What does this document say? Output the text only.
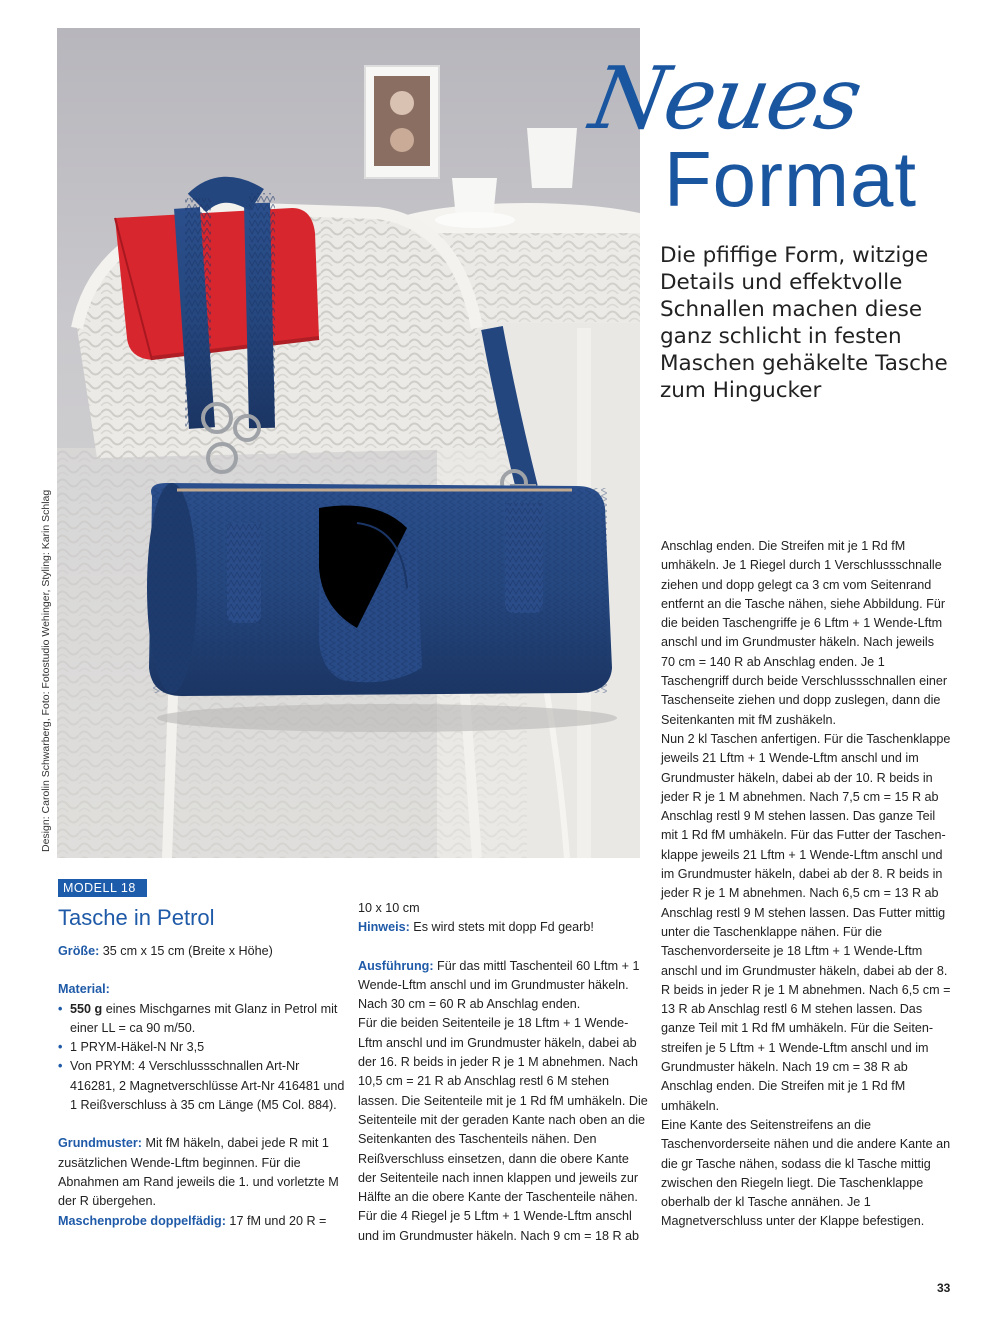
Design: Carolin Schwarberg, Foto: Fotostudio Wehinger, Styling: Karin Schlag
Neues
Format
Die pfiffige Form, witzige Details und effektvolle Schnallen machen diese ganz schlicht in festen Maschen gehäkelte Tasche zum Hingucker
MODELL 18
Tasche in Petrol

Größe: 35 cm x 15 cm (Breite x Höhe)

Material:

• 550 g eines Mischgarnes mit Glanz in Petrol mit einer LL = ca 90 m/50.
• 1 PRYM-Häkel-N Nr 3,5
• Von PRYM: 4 Verschlussschnallen Art-Nr 416281, 2 Magnetverschlüsse Art-Nr 416481 und 1 Reißverschluss à 35 cm Länge (M5 Col. 884).

Grundmuster: Mit fM häkeln, dabei jede R mit 1 zusätzlichen Wende-Lftm beginnen. Für die Abnahmen am Rand jeweils die 1. und vorletzte M der R übergehen.

Maschenprobe doppelfädig: 17 fM und 20 R =

10 x 10 cm

Hinweis: Es wird stets mit dopp Fd gearb!

Ausführung: Für das mittl Taschenteil 60 Lftm + 1 Wende-Lftm anschl und im Grundmuster häkeln. Nach 30 cm = 60 R ab Anschlag enden.

Für die beiden Seitenteile je 18 Lftm + 1 Wende-Lftm anschl und im Grundmuster häkeln, dabei ab der 16. R beids in jeder R je 1 M abnehmen. Nach 10,5 cm = 21 R ab Anschlag restl 6 M stehen lassen. Die Seitenteile mit je 1 Rd fM umhäkeln. Die Seitenteile mit der geraden Kante nach oben an die Seitenkanten des Taschenteils nähen. Den Reißverschluss einsetzen, dann die obere Kante der Seitenteile nach innen klappen und jeweils zur Hälfte an die obere Kante der Taschenteile nähen. Für die 4 Riegel je 5 Lftm + 1 Wende-Lftm anschl und im Grundmuster häkeln. Nach 9 cm = 18 R ab

Anschlag enden. Die Streifen mit je 1 Rd fM umhäkeln. Je 1 Riegel durch 1 Verschlussschnalle ziehen und dopp gelegt ca 3 cm vom Seitenrand entfernt an die Tasche nähen, siehe Abbildung. Für die beiden Taschengriffe je 6 Lftm + 1 Wende-Lftm anschl und im Grundmuster häkeln. Nach jeweils 70 cm = 140 R ab Anschlag enden. Je 1 Taschengriff durch beide Verschlussschnallen einer Taschenseite ziehen und dopp zuslegen, dann die Seitenkanten mit fM zushäkeln.

Nun 2 kl Taschen anfertigen. Für die Taschenklappe jeweils 21 Lftm + 1 Wende-Lftm anschl und im Grundmuster häkeln, dabei ab der 10. R beids in jeder R je 1 M abnehmen. Nach 7,5 cm = 15 R ab Anschlag restl 9 M stehen lassen. Das ganze Teil mit 1 Rd fM umhäkeln. Für das Futter der Taschen-klappe jeweils 21 Lftm + 1 Wende-Lftm anschl und im Grundmuster häkeln, dabei ab der 8. R beids in jeder R je 1 M abnehmen. Nach 6,5 cm = 13 R ab Anschlag restl 9 M stehen lassen. Das Futter mittig unter die Taschenklappe nähen. Für die Taschenvorderseite je 18 Lftm + 1 Wende-Lftm anschl und im Grundmuster häkeln, dabei ab der 8. R beids in jeder R je 1 M abnehmen. Nach 6,5 cm = 13 R ab Anschlag restl 6 M stehen lassen. Das ganze Teil mit 1 Rd fM umhäkeln. Für die Seiten-streifen je 5 Lftm + 1 Wende-Lftm anschl und im Grundmuster häkeln. Nach 19 cm = 38 R ab Anschlag enden. Die Streifen mit je 1 Rd fM umhäkeln.

Eine Kante des Seitenstreifens an die Taschenvorderseite nähen und die andere Kante an die gr Tasche nähen, sodass die kl Tasche mittig zwischen den Riegeln liegt. Die Taschenklappe oberhalb der kl Tasche annähen. Je 1 Magnetverschluss unter der Klappe befestigen.

33
